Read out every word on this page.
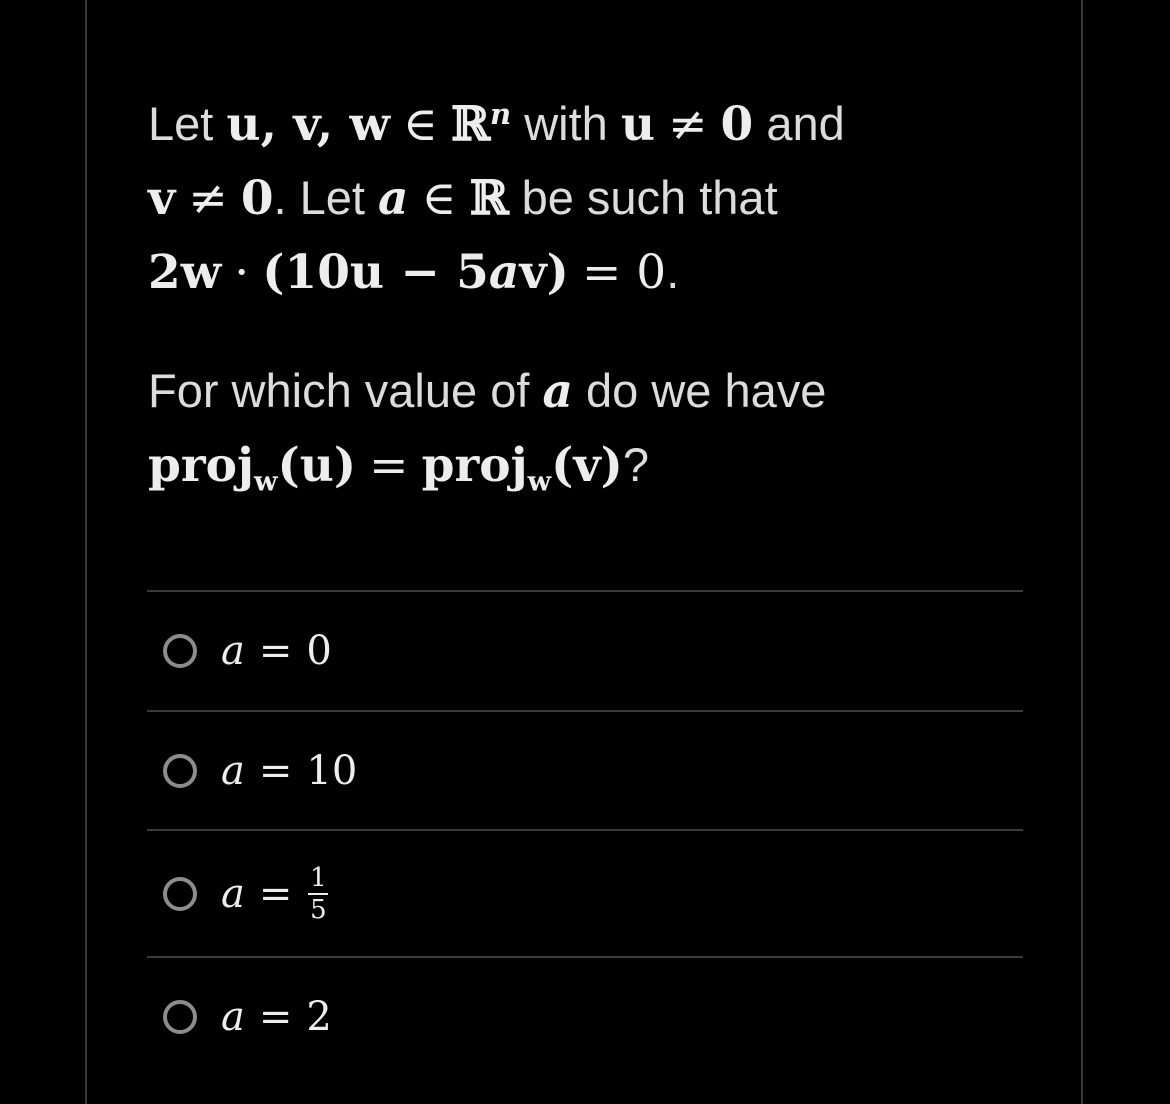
Let u, v, w ∈ ℝ$^n$ with u ≠ 0 and
v ≠ 0. Let a ∈ ℝ be such that
2w · (10u − 5av) = 0.

For which value of a do we have
proj$_w$(u) = proj$_w$(v)?

a = 0
a = 10
$a = \frac{1}{5}$
a = 2
